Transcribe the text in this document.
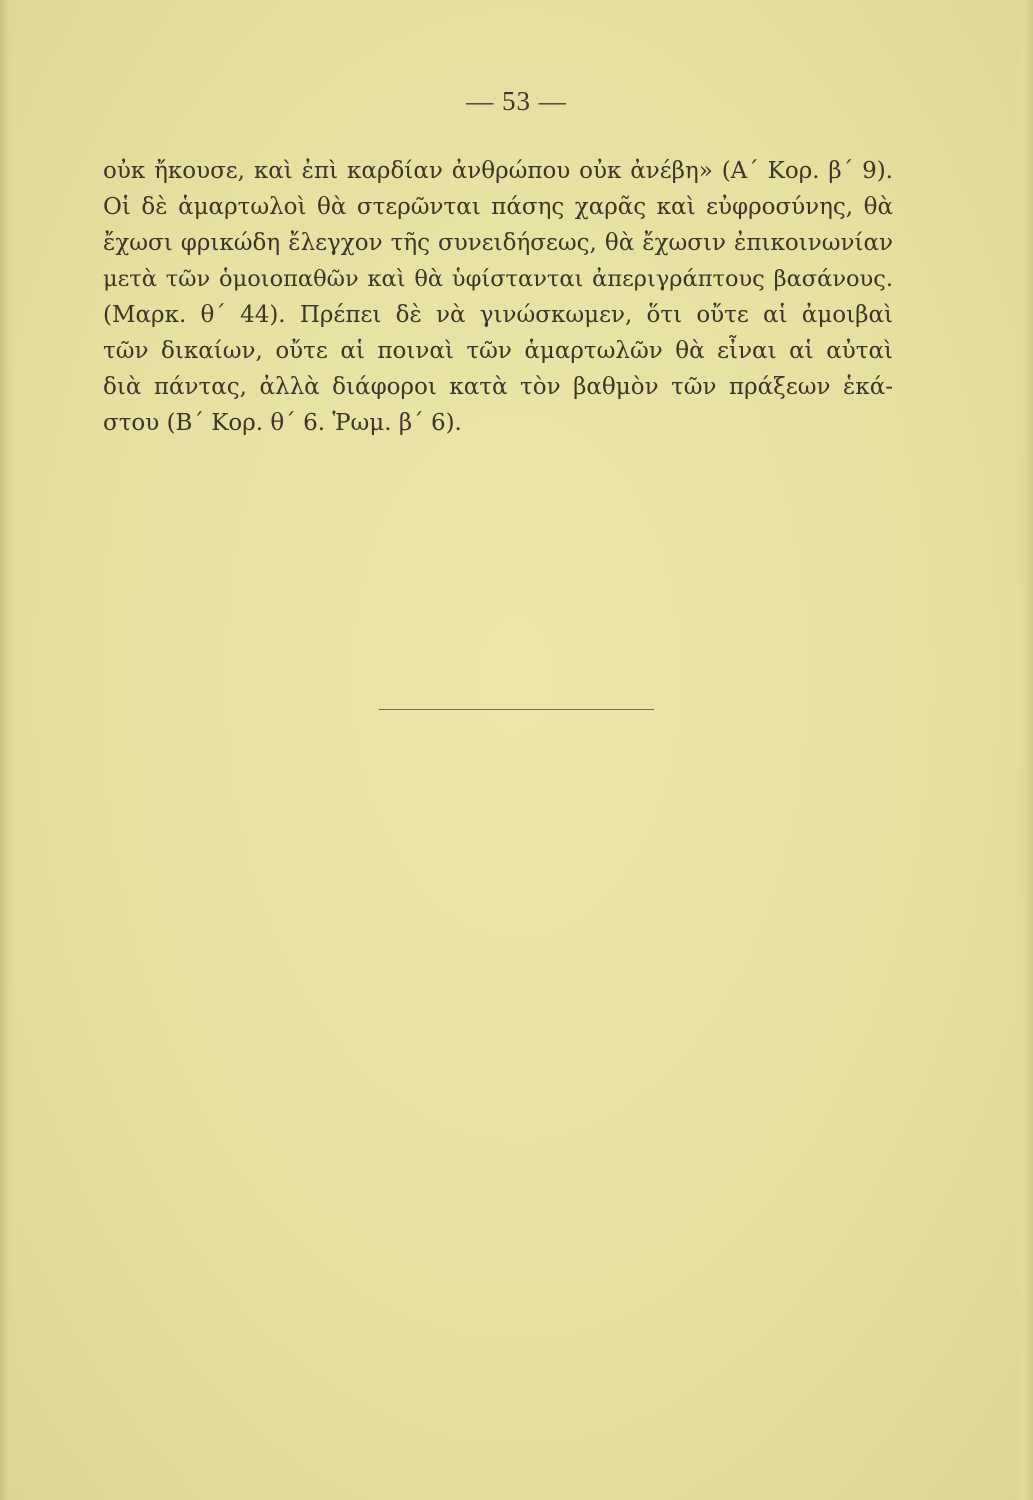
— 53 —
οὐκ ἤκουσε, καὶ ἐπὶ καρδίαν ἀνθρώπου οὐκ ἀνέβη» (Α΄ Κορ. β΄ 9).
Οἱ δὲ ἁμαρτωλοὶ θὰ στερῶνται πάσης χαρᾶς καὶ εὐφροσύνης, θὰ
ἔχωσι φρικώδη ἔλεγχον τῆς συνειδήσεως, θὰ ἔχωσιν ἐπικοινωνίαν
μετὰ τῶν ὁμοιοπαθῶν καὶ θὰ ὑφίστανται ἀπεριγράπτους βασάνους.
(Μαρκ. θ΄ 44). Πρέπει δὲ νὰ γινώσκωμεν, ὅτι οὔτε αἱ ἀμοιβαὶ
τῶν δικαίων, οὔτε αἱ ποιναὶ τῶν ἁμαρτωλῶν θὰ εἶναι αἱ αὐταὶ
διὰ πάντας, ἀλλὰ διάφοροι κατὰ τὸν βαθμὸν τῶν πράξεων ἑκά-
στου (Β΄ Κορ. θ΄ 6. Ῥωμ. β΄ 6).
